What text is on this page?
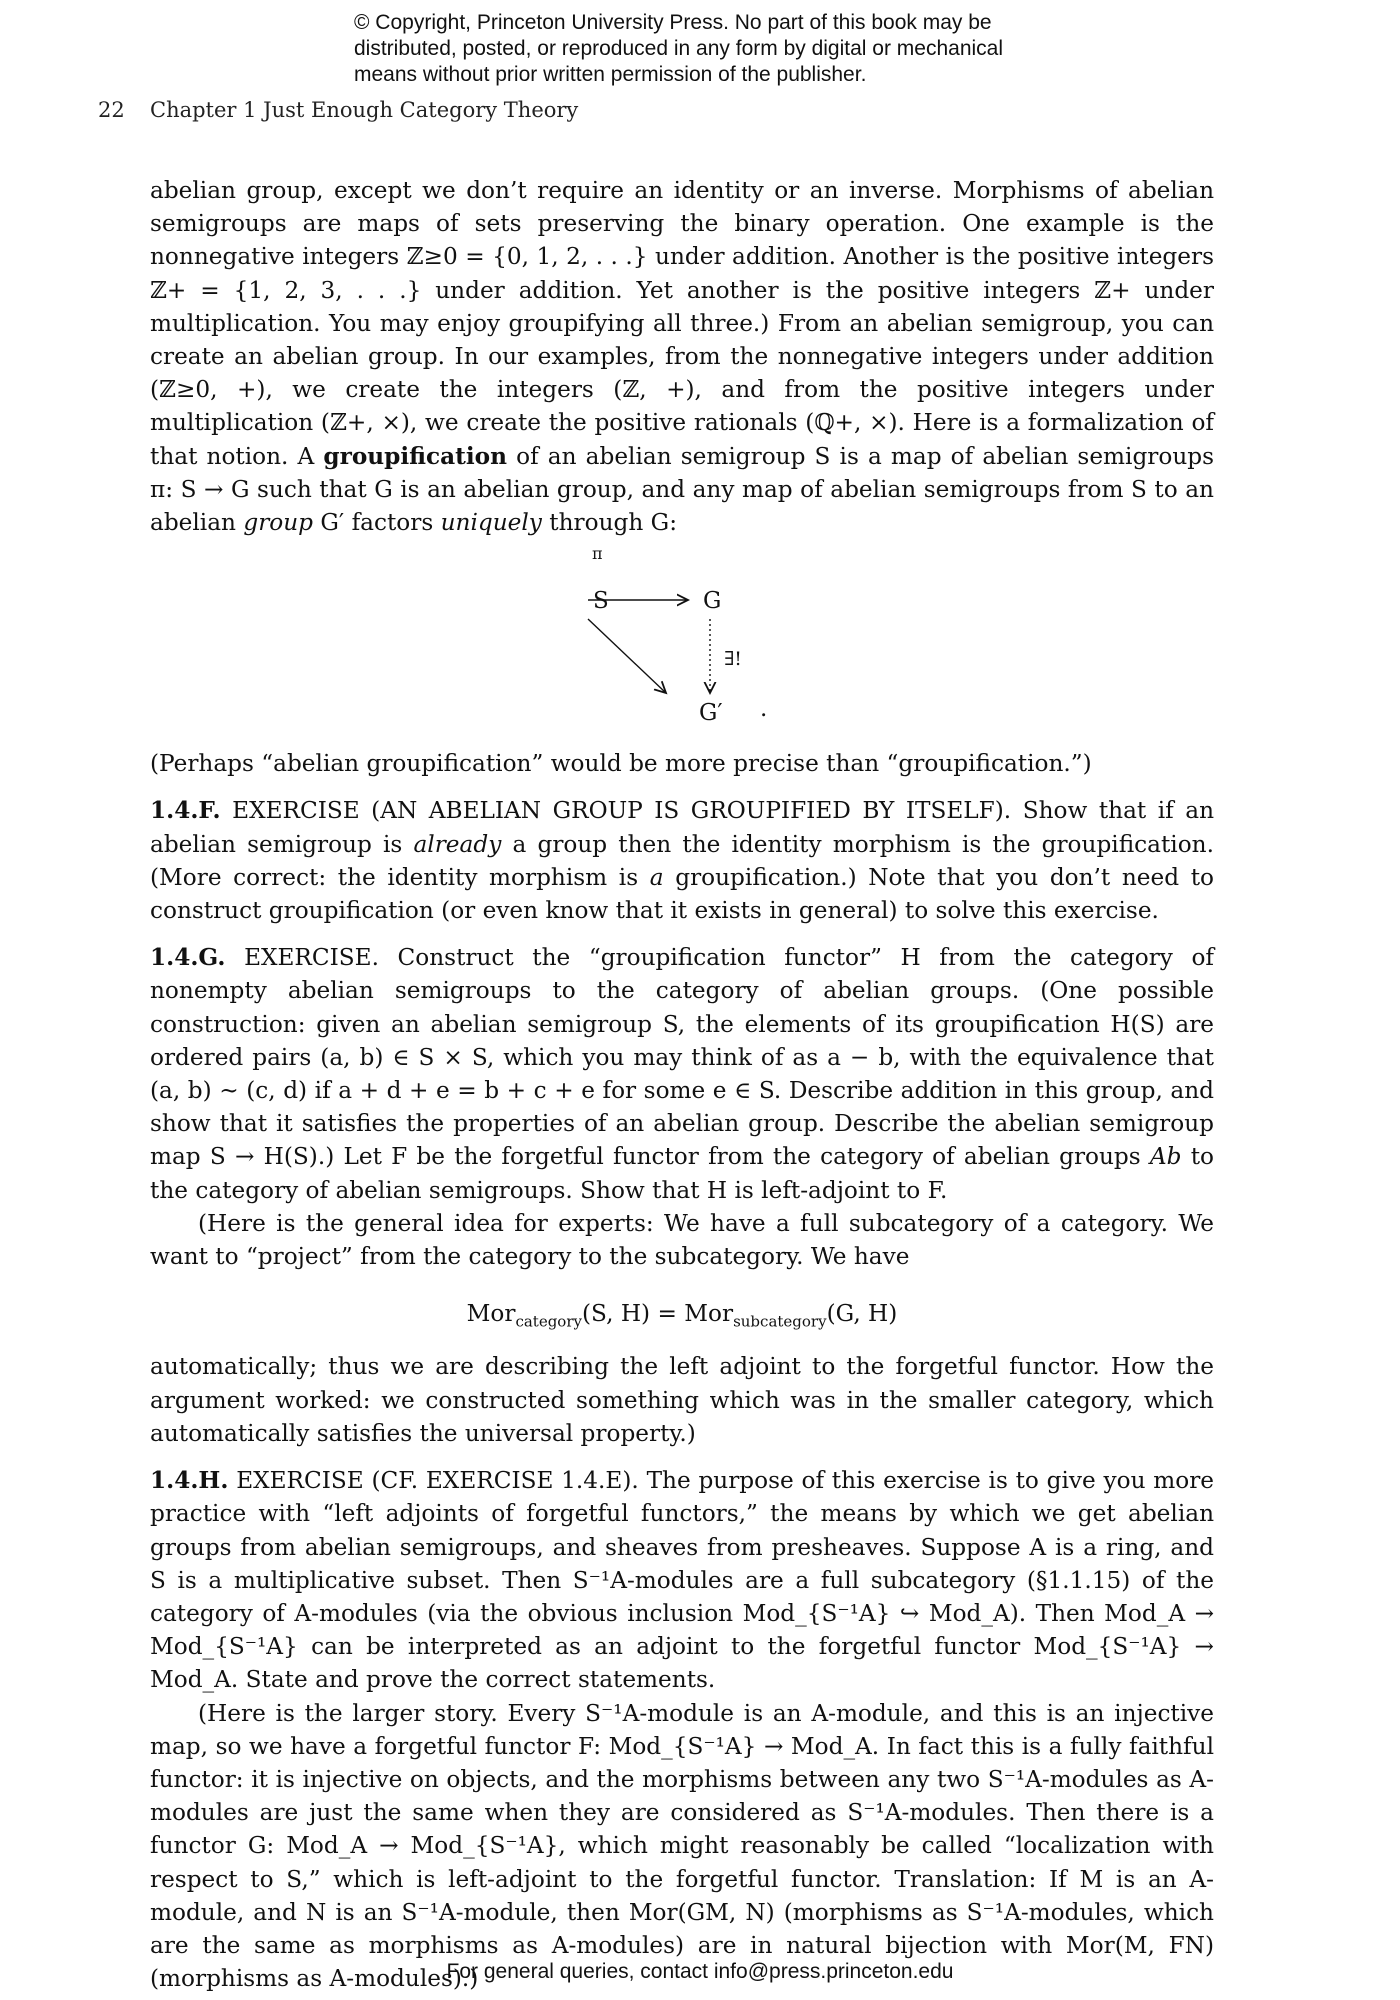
© Copyright, Princeton University Press. No part of this book may be
distributed, posted, or reproduced in any form by digital or mechanical
means without prior written permission of the publisher.
22 Chapter 1 Just Enough Category Theory

abelian group, except we don’t require an identity or an inverse. Morphisms of abelian semigroups are maps of sets preserving the binary operation. One example is the nonnegative integers ℤ≥0 = {0, 1, 2, . . .} under addition. Another is the positive integers ℤ+ = {1, 2, 3, . . .} under addition. Yet another is the positive integers ℤ+ under multiplication. You may enjoy groupifying all three.) From an abelian semigroup, you can create an abelian group. In our examples, from the nonnegative integers under addition (ℤ≥0, +), we create the integers (ℤ, +), and from the positive integers under multiplication (ℤ+, ×), we create the positive rationals (ℚ+, ×). Here is a formalization of that notion. A groupification of an abelian semigroup S is a map of abelian semigroups π: S → G such that G is an abelian group, and any map of abelian semigroups from S to an abelian group G′ factors uniquely through G:

π
S	G
∃!
G′ .

(Perhaps “abelian groupification” would be more precise than “groupification.”)

1.4.F. EXERCISE (AN ABELIAN GROUP IS GROUPIFIED BY ITSELF). Show that if an abelian semigroup is already a group then the identity morphism is the groupification. (More correct: the identity morphism is a groupification.) Note that you don’t need to construct groupification (or even know that it exists in general) to solve this exercise.

1.4.G. EXERCISE. Construct the “groupification functor” H from the category of nonempty abelian semigroups to the category of abelian groups. (One possible construction: given an abelian semigroup S, the elements of its groupification H(S) are ordered pairs (a, b) ∈ S × S, which you may think of as a − b, with the equivalence that (a, b) ∼ (c, d) if a + d + e = b + c + e for some e ∈ S. Describe addition in this group, and show that it satisfies the properties of an abelian group. Describe the abelian semigroup map S → H(S).) Let F be the forgetful functor from the category of abelian groups Ab to the category of abelian semigroups. Show that H is left-adjoint to F.

(Here is the general idea for experts: We have a full subcategory of a category. We want to “project” from the category to the subcategory. We have

Mor$_{category}$(S, H) = Mor$_{subcategory}$(G, H)

automatically; thus we are describing the left adjoint to the forgetful functor. How the argument worked: we constructed something which was in the smaller category, which automatically satisfies the universal property.)

1.4.H. EXERCISE (CF. EXERCISE 1.4.E). The purpose of this exercise is to give you more practice with “left adjoints of forgetful functors,” the means by which we get abelian groups from abelian semigroups, and sheaves from presheaves. Suppose A is a ring, and S is a multiplicative subset. Then S⁻¹A-modules are a full subcategory (§1.1.15) of the category of A-modules (via the obvious inclusion Mod_{S⁻¹A} ↪ Mod_A). Then Mod_A → Mod_{S⁻¹A} can be interpreted as an adjoint to the forgetful functor Mod_{S⁻¹A} → Mod_A. State and prove the correct statements.

(Here is the larger story. Every S⁻¹A-module is an A-module, and this is an injective map, so we have a forgetful functor F: Mod_{S⁻¹A} → Mod_A. In fact this is a fully faithful functor: it is injective on objects, and the morphisms between any two S⁻¹A-modules as A-modules are just the same when they are considered as S⁻¹A-modules. Then there is a functor G: Mod_A → Mod_{S⁻¹A}, which might reasonably be called “localization with respect to S,” which is left-adjoint to the forgetful functor. Translation: If M is an A-module, and N is an S⁻¹A-module, then Mor(GM, N) (morphisms as S⁻¹A-modules, which are the same as morphisms as A-modules) are in natural bijection with Mor(M, FN) (morphisms as A-modules).)

For general queries, contact info@press.princeton.edu
